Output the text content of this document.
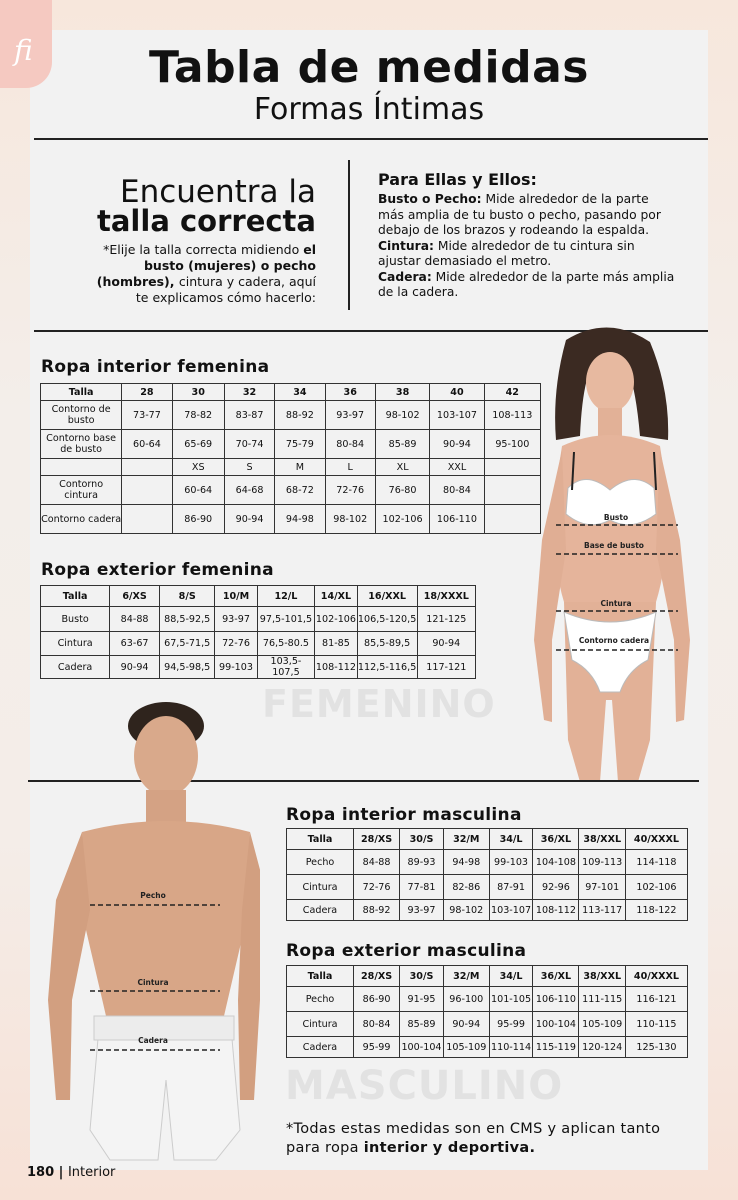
fi	Tabla de medidas
Formas Íntimas
Encuentra la
talla correcta
*Elije la talla correcta midiendo el busto (mujeres) o pecho (hombres), cintura y cadera, aquí te explicamos cómo hacerlo:
Para Ellas y Ellos:
Busto o Pecho: Mide alrededor de la parte más amplia de tu busto o pecho, pasando por debajo de los brazos y rodeando la espalda.
Cintura: Mide alrededor de tu cintura sin ajustar demasiado el metro.
Cadera: Mide alrededor de la parte más amplia de la cadera.
Ropa interior femenina
Talla	28	30	32	34	36	38	40	42
Contorno de busto	73-77	78-82	83-87	88-92	93-97	98-102	103-107	108-113
Contorno base de busto	60-64	65-69	70-74	75-79	80-84	85-89	90-94	95-100
		XS	S	M	L	XL	XXL	
Contorno cintura		60-64	64-68	68-72	72-76	76-80	80-84	
Contorno cadera		86-90	90-94	94-98	98-102	102-106	106-110	
Ropa exterior femenina
Talla	6/XS	8/S	10/M	12/L	14/XL	16/XXL	18/XXXL
Busto	84-88	88,5-92,5	93-97	97,5-101,5	102-106	106,5-120,5	121-125
Cintura	63-67	67,5-71,5	72-76	76,5-80.5	81-85	85,5-89,5	90-94
Cadera	90-94	94,5-98,5	99-103	103,5-107,5	108-112	112,5-116,5	117-121
FEMENINO
Busto
Base de busto
Cintura
Contorno cadera
Pecho
Cintura
Cadera
Ropa interior masculina
Talla	28/XS	30/S	32/M	34/L	36/XL	38/XXL	40/XXXL
Pecho	84-88	89-93	94-98	99-103	104-108	109-113	114-118
Cintura	72-76	77-81	82-86	87-91	92-96	97-101	102-106
Cadera	88-92	93-97	98-102	103-107	108-112	113-117	118-122
Ropa exterior masculina
Talla	28/XS	30/S	32/M	34/L	36/XL	38/XXL	40/XXXL
Pecho	86-90	91-95	96-100	101-105	106-110	111-115	116-121
Cintura	80-84	85-89	90-94	95-99	100-104	105-109	110-115
Cadera	95-99	100-104	105-109	110-114	115-119	120-124	125-130
MASCULINO
*Todas estas medidas son en CMS y aplican tanto para ropa interior y deportiva.
180 | Interior
